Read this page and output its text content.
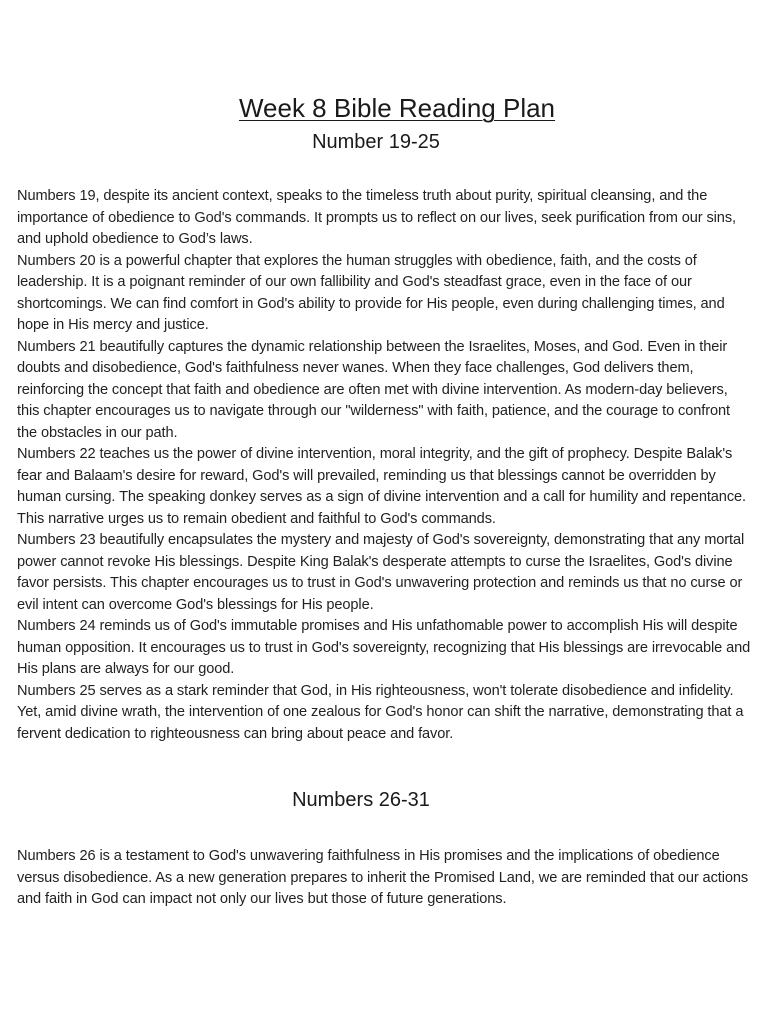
Week 8 Bible Reading Plan
Number 19-25

Numbers 19, despite its ancient context, speaks to the timeless truth about purity, spiritual cleansing, and the importance of obedience to God's commands. It prompts us to reflect on our lives, seek purification from our sins, and uphold obedience to God’s laws.

Numbers 20 is a powerful chapter that explores the human struggles with obedience, faith, and the costs of leadership. It is a poignant reminder of our own fallibility and God's steadfast grace, even in the face of our shortcomings. We can find comfort in God's ability to provide for His people, even during challenging times, and hope in His mercy and justice.

Numbers 21 beautifully captures the dynamic relationship between the Israelites, Moses, and God. Even in their doubts and disobedience, God's faithfulness never wanes. When they face challenges, God delivers them, reinforcing the concept that faith and obedience are often met with divine intervention. As modern-day believers, this chapter encourages us to navigate through our "wilderness" with faith, patience, and the courage to confront the obstacles in our path.

Numbers 22 teaches us the power of divine intervention, moral integrity, and the gift of prophecy. Despite Balak's fear and Balaam's desire for reward, God's will prevailed, reminding us that blessings cannot be overridden by human cursing. The speaking donkey serves as a sign of divine intervention and a call for humility and repentance. This narrative urges us to remain obedient and faithful to God's commands.

Numbers 23 beautifully encapsulates the mystery and majesty of God's sovereignty, demonstrating that any mortal power cannot revoke His blessings. Despite King Balak's desperate attempts to curse the Israelites, God's divine favor persists. This chapter encourages us to trust in God's unwavering protection and reminds us that no curse or evil intent can overcome God's blessings for His people.

Numbers 24 reminds us of God's immutable promises and His unfathomable power to accomplish His will despite human opposition. It encourages us to trust in God's sovereignty, recognizing that His blessings are irrevocable and His plans are always for our good.

Numbers 25 serves as a stark reminder that God, in His righteousness, won't tolerate disobedience and infidelity. Yet, amid divine wrath, the intervention of one zealous for God's honor can shift the narrative, demonstrating that a fervent dedication to righteousness can bring about peace and favor.

Numbers 26-31

Numbers 26 is a testament to God's unwavering faithfulness in His promises and the implications of obedience versus disobedience. As a new generation prepares to inherit the Promised Land, we are reminded that our actions and faith in God can impact not only our lives but those of future generations.
